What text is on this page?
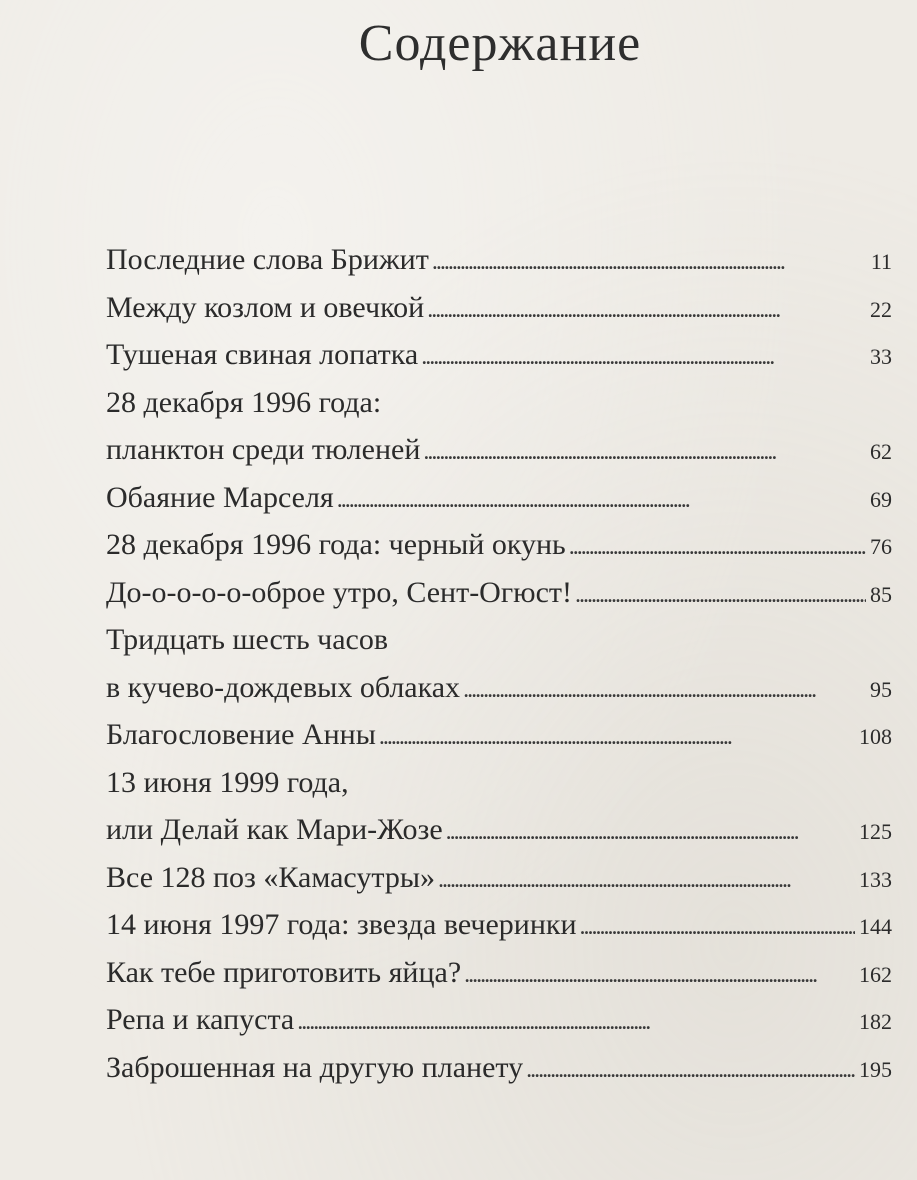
Содержание
Последние слова Брижит . . .	11
Между козлом и овечкой . . .	22
Тушеная свиная лопатка . . .	33
28 декабря 1996 года:
планктон среди тюленей . . .	62
Обаяние Марселя . . .	69
28 декабря 1996 года: черный окунь . . .	76
До-о-о-о-о-оброе утро, Сент-Огюст! . . .	85
Тридцать шесть часов
в кучево-дождевых облаках . . .	95
Благословение Анны . . .	108
13 июня 1999 года,
или Делай как Мари-Жозе . . .	125
Все 128 поз «Камасутры» . . .	133
14 июня 1997 года: звезда вечеринки . . .	144
Как тебе приготовить яйца? . . .	162
Репа и капуста . . .	182
Заброшенная на другую планету . . .	195
